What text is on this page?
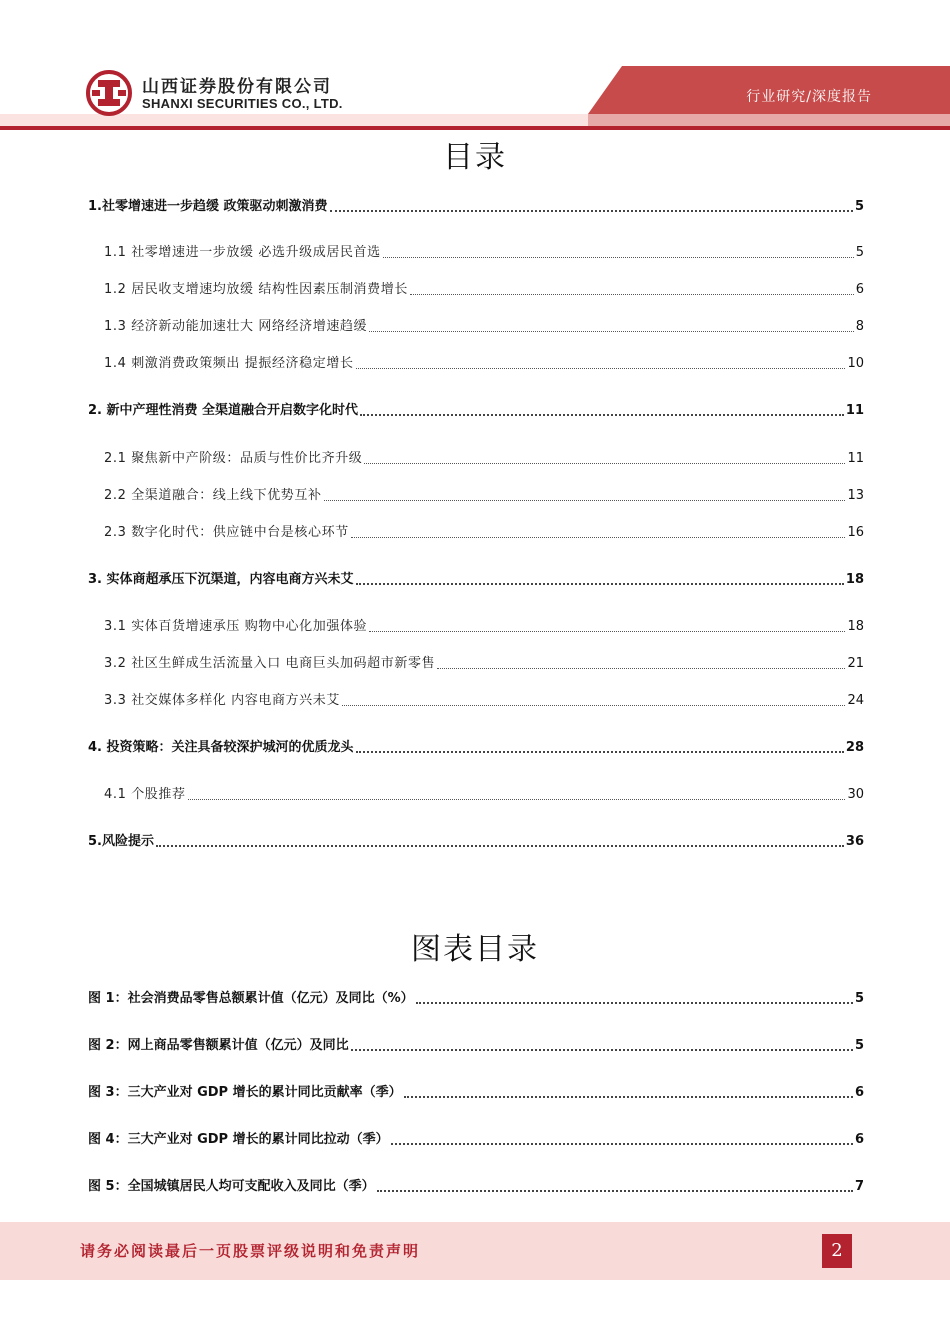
山西证券股份有限公司
SHANXI SECURITIES CO., LTD.	行业研究/深度报告
目录
1.社零增速进一步趋缓 政策驱动刺激消费	5
1.1 社零增速进一步放缓 必选升级成居民首选	5
1.2 居民收支增速均放缓 结构性因素压制消费增长	6
1.3 经济新动能加速壮大 网络经济增速趋缓	8
1.4 刺激消费政策频出 提振经济稳定增长	10
2. 新中产理性消费 全渠道融合开启数字化时代	11
2.1 聚焦新中产阶级：品质与性价比齐升级	11
2.2 全渠道融合：线上线下优势互补	13
2.3 数字化时代：供应链中台是核心环节	16
3. 实体商超承压下沉渠道，内容电商方兴未艾	18
3.1 实体百货增速承压 购物中心化加强体验	18
3.2 社区生鲜成生活流量入口 电商巨头加码超市新零售	21
3.3 社交媒体多样化 内容电商方兴未艾	24
4. 投资策略：关注具备较深护城河的优质龙头	28
4.1 个股推荐	30
5.风险提示	36
图表目录
图 1：社会消费品零售总额累计值（亿元）及同比（%）	5
图 2：网上商品零售额累计值（亿元）及同比	5
图 3：三大产业对 GDP 增长的累计同比贡献率（季）	6
图 4：三大产业对 GDP 增长的累计同比拉动（季）	6
图 5：全国城镇居民人均可支配收入及同比（季）	7
请务必阅读最后一页股票评级说明和免责声明	2
